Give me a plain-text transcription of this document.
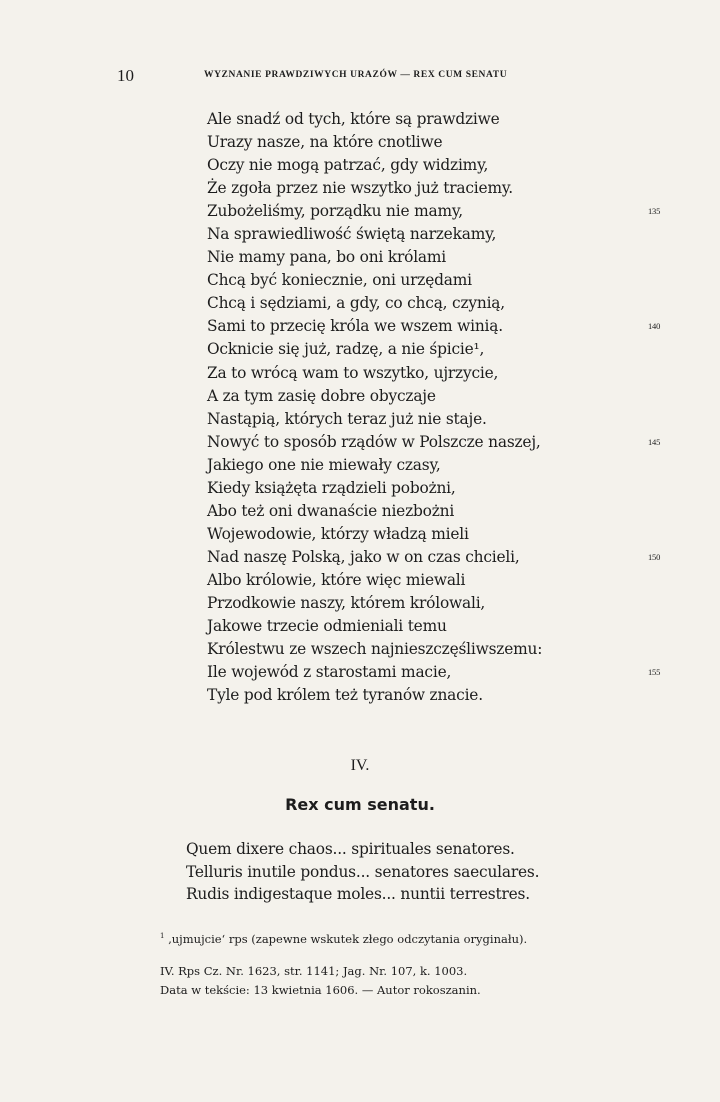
10	WYZNANIE PRAWDZIWYCH URAZÓW — REX CUM SENATU
Ale snadź od tych, które są prawdziwe
Urazy nasze, na które cnotliwe
Oczy nie mogą patrzać, gdy widzimy,
Że zgoła przez nie wszytko już traciemy.
Zubożeliśmy, porządku nie mamy,	135
Na sprawiedliwość świętą narzekamy,
Nie mamy pana, bo oni królami
Chcą być koniecznie, oni urzędami
Chcą i sędziami, a gdy, co chcą, czynią,
Sami to przecię króla we wszem winią.	140
Ocknicie się już, radzę, a nie śpicie¹,
Za to wrócą wam to wszytko, ujrzycie,
A za tym zasię dobre obyczaje
Nastąpią, których teraz już nie staje.
Nowyć to sposób rządów w Polszcze naszej,	145
Jakiego one nie miewały czasy,
Kiedy książęta rządzieli pobożni,
Abo też oni dwanaście niezbożni
Wojewodowie, którzy władzą mieli
Nad naszę Polską, jako w on czas chcieli,	150
Albo królowie, które więc miewali
Przodkowie naszy, którem królowali,
Jakowe trzecie odmieniali temu
Królestwu ze wszech najnieszczęśliwszemu:
Ile wojewód z starostami macie,	155
Tyle pod królem też tyranów znacie.
IV.
Rex cum senatu.
Quem dixere chaos... spirituales senatores.
Telluris inutile pondus... senatores saeculares.
Rudis indigestaque moles... nuntii terrestres.
$^1$ ‚ujmujcie‘ rps (zapewne wskutek złego odczytania oryginału).
IV. Rps Cz. Nr. 1623, str. 1141; Jag. Nr. 107, k. 1003.
Data w tekście: 13 kwietnia 1606. — Autor rokoszanin.
